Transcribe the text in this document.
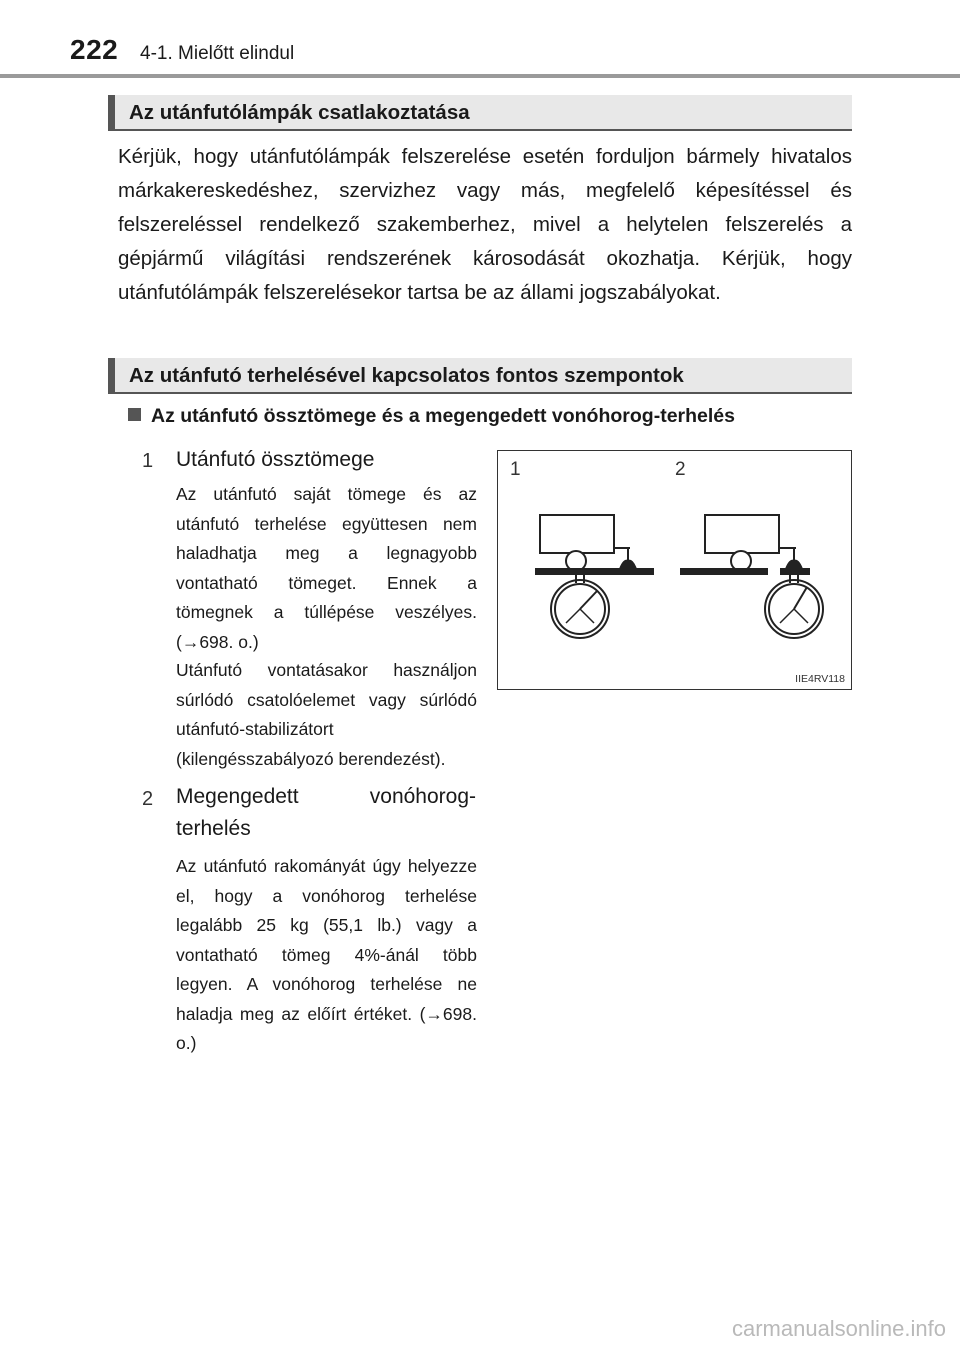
222 4-1. Mielőtt elindul
Az utánfutólámpák csatlakoztatása
Kérjük, hogy utánfutólámpák felszerelése esetén forduljon bármely hivatalos márkakereskedéshez, szervizhez vagy más, megfelelő képesítéssel és felszereléssel rendelkező szakemberhez, mivel a helytelen felszerelés a gépjármű világítási rendszerének károsodását okozhatja. Kérjük, hogy utánfutólámpák felszerelésekor tartsa be az állami jogszabályokat.
Az utánfutó terhelésével kapcsolatos fontos szempontok
Az utánfutó össztömege és a megengedett vonóhorog-terhelés
1 Utánfutó össztömege
Az utánfutó saját tömege és az utánfutó terhelése együttesen nem haladhatja meg a legnagyobb vontatható tömeget. Ennek a tömegnek a túllépése veszélyes. (→698. o.)
Utánfutó vontatásakor használjon súrlódó csatolóelemet vagy súrlódó utánfutó-stabilizátort (kilengésszabályozó berendezést).
2 Megengedett vonóhorog-terhelés
Az utánfutó rakományát úgy helyezze el, hogy a vonóhorog terhelése legalább 25 kg (55,1 lb.) vagy a vontatható tömeg 4%-ánál több legyen. A vonóhorog terhelése ne haladja meg az előírt értéket. (→698. o.)
1	2
IIE4RV118
carmanualsonline.info
